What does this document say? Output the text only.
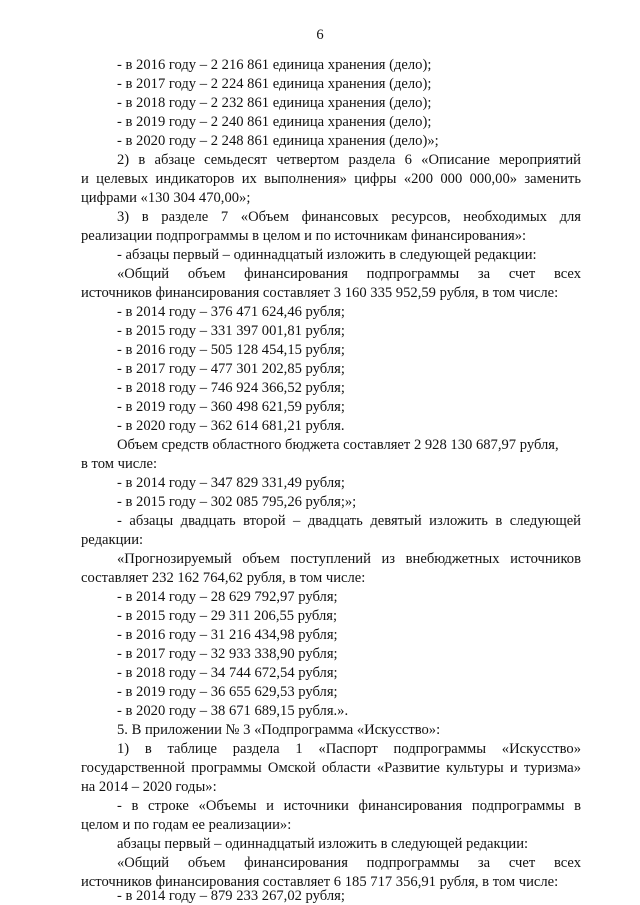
6
- в 2016 году – 2 216 861 единица хранения (дело);
- в 2017 году – 2 224 861 единица хранения (дело);
- в 2018 году – 2 232 861 единица хранения (дело);
- в 2019 году – 2 240 861 единица хранения (дело);
- в 2020 году – 2 248 861 единица хранения (дело)»;
2) в абзаце семьдесят четвертом раздела 6 «Описание мероприятий
и целевых индикаторов их выполнения» цифры «200 000 000,00» заменить
цифрами «130 304 470,00»;
3) в разделе 7 «Объем финансовых ресурсов, необходимых для
реализации подпрограммы в целом и по источникам финансирования»:
- абзацы первый – одиннадцатый изложить в следующей редакции:
«Общий объем финансирования подпрограммы за счет всех
источников финансирования составляет 3 160 335 952,59 рубля, в том числе:
- в 2014 году – 376 471 624,46 рубля;
- в 2015 году – 331 397 001,81 рубля;
- в 2016 году – 505 128 454,15 рубля;
- в 2017 году – 477 301 202,85 рубля;
- в 2018 году – 746 924 366,52 рубля;
- в 2019 году – 360 498 621,59 рубля;
- в 2020 году – 362 614 681,21 рубля.
Объем средств областного бюджета составляет 2 928 130 687,97 рубля,
в том числе:
- в 2014 году – 347 829 331,49 рубля;
- в 2015 году – 302 085 795,26 рубля;»;
- абзацы двадцать второй – двадцать девятый изложить в следующей
редакции:
«Прогнозируемый объем поступлений из внебюджетных источников
составляет 232 162 764,62 рубля, в том числе:
- в 2014 году – 28 629 792,97 рубля;
- в 2015 году – 29 311 206,55 рубля;
- в 2016 году – 31 216 434,98 рубля;
- в 2017 году – 32 933 338,90 рубля;
- в 2018 году – 34 744 672,54 рубля;
- в 2019 году – 36 655 629,53 рубля;
- в 2020 году – 38 671 689,15 рубля.».
5. В приложении № 3 «Подпрограмма «Искусство»:
1) в таблице раздела 1 «Паспорт подпрограммы «Искусство»
государственной программы Омской области «Развитие культуры и туризма»
на 2014 – 2020 годы»:
- в строке «Объемы и источники финансирования подпрограммы в
целом и по годам ее реализации»:
абзацы первый – одиннадцатый изложить в следующей редакции:
«Общий объем финансирования подпрограммы за счет всех
источников финансирования составляет 6 185 717 356,91 рубля, в том числе:
- в 2014 году – 879 233 267,02 рубля;
